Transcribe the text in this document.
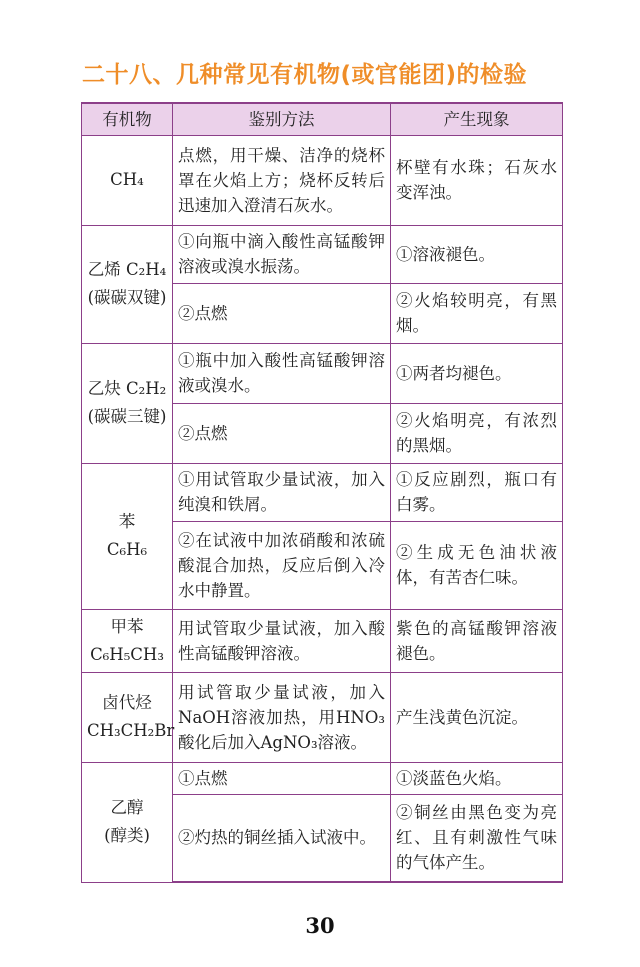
二十八、几种常见有机物(或官能团)的检验
有机物	鉴别方法	产生现象
CH₄	点燃，用干燥、洁净的烧杯罩在火焰上方；烧杯反转后迅速加入澄清石灰水。	杯壁有水珠；石灰水变浑浊。

乙烯 C₂H₄
(碳碳双键)	①向瓶中滴入酸性高锰酸钾溶液或溴水振荡。	①溶液褪色。
	②点燃	②火焰较明亮，有黑烟。

乙炔 C₂H₂
(碳碳三键)	①瓶中加入酸性高锰酸钾溶液或溴水。	①两者均褪色。
	②点燃	②火焰明亮，有浓烈的黑烟。

苯
C₆H₆	①用试管取少量试液，加入纯溴和铁屑。	①反应剧烈，瓶口有白雾。
	②在试液中加浓硝酸和浓硫酸混合加热，反应后倒入冷水中静置。	②生成无色油状液体，有苦杏仁味。

甲苯
C₆H₅CH₃	用试管取少量试液，加入酸性高锰酸钾溶液。	紫色的高锰酸钾溶液褪色。

卤代烃
CH₃CH₂Br	用试管取少量试液，加入NaOH溶液加热，用HNO₃酸化后加入AgNO₃溶液。	产生浅黄色沉淀。

乙醇
(醇类)	①点燃	①淡蓝色火焰。
	②灼热的铜丝插入试液中。	②铜丝由黑色变为亮红、且有刺激性气味的气体产生。
30
